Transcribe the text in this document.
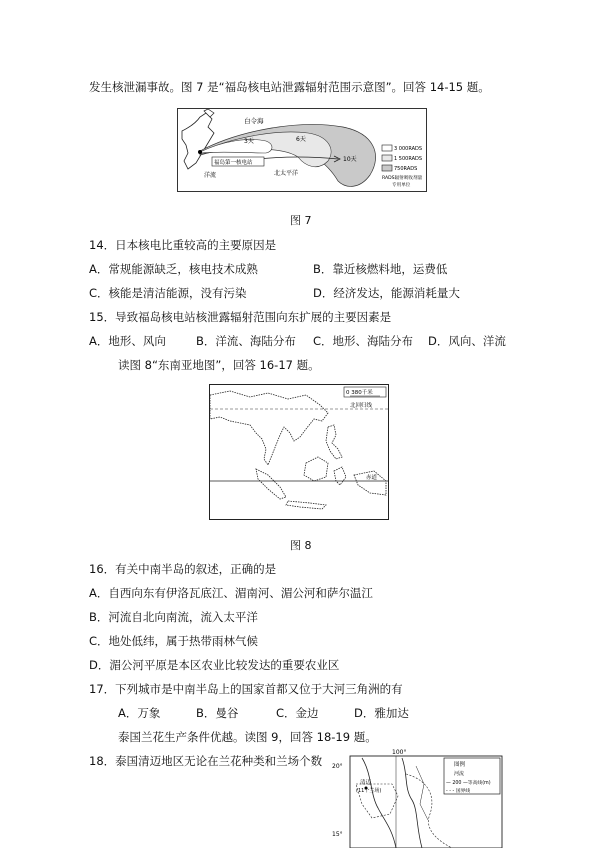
发生核泄漏事故。图 7 是“福岛核电站泄露辐射范围示意图”。回答 14-15 题。
白令海
3天	6天
10天
福岛第一核电站
洋流	北太平洋
3 000RADS
1 500RADS
750RADS
RADS辐射吸收剂量
专用单位
图 7
14．日本核电比重较高的主要原因是
A．常规能源缺乏，核电技术成熟	B．靠近核燃料地，运费低
C．核能是清洁能源，没有污染	D．经济发达，能源消耗量大
15．导致福岛核电站核泄露辐射范围向东扩展的主要因素是
A．地形、风向	B．洋流、海陆分布 C．地形、海陆分布 D．风向、洋流
读图 8“东南亚地图”，回答 16-17 题。
0 380千米
北回归线
赤道
图 8
16．有关中南半岛的叙述，正确的是
A．自西向东有伊洛瓦底江、湄南河、湄公河和萨尔温江
B．河流自北向南流，流入太平洋
C．地处低纬，属于热带雨林气候
D．湄公河平原是本区农业比较发达的重要农业区
17．下列城市是中南半岛上的国家首都又位于大河三角洲的有
A．万象	B．曼谷	C．金边	D．雅加达
泰国兰花生产条件优越。读图 9，回答 18-19 题。
18．泰国清迈地区无论在兰花种类和兰场个数
100°
20°
15°
清迈
(11个兰场)
图例
河流
— 200 —等高线(m)
- - - 国界线
